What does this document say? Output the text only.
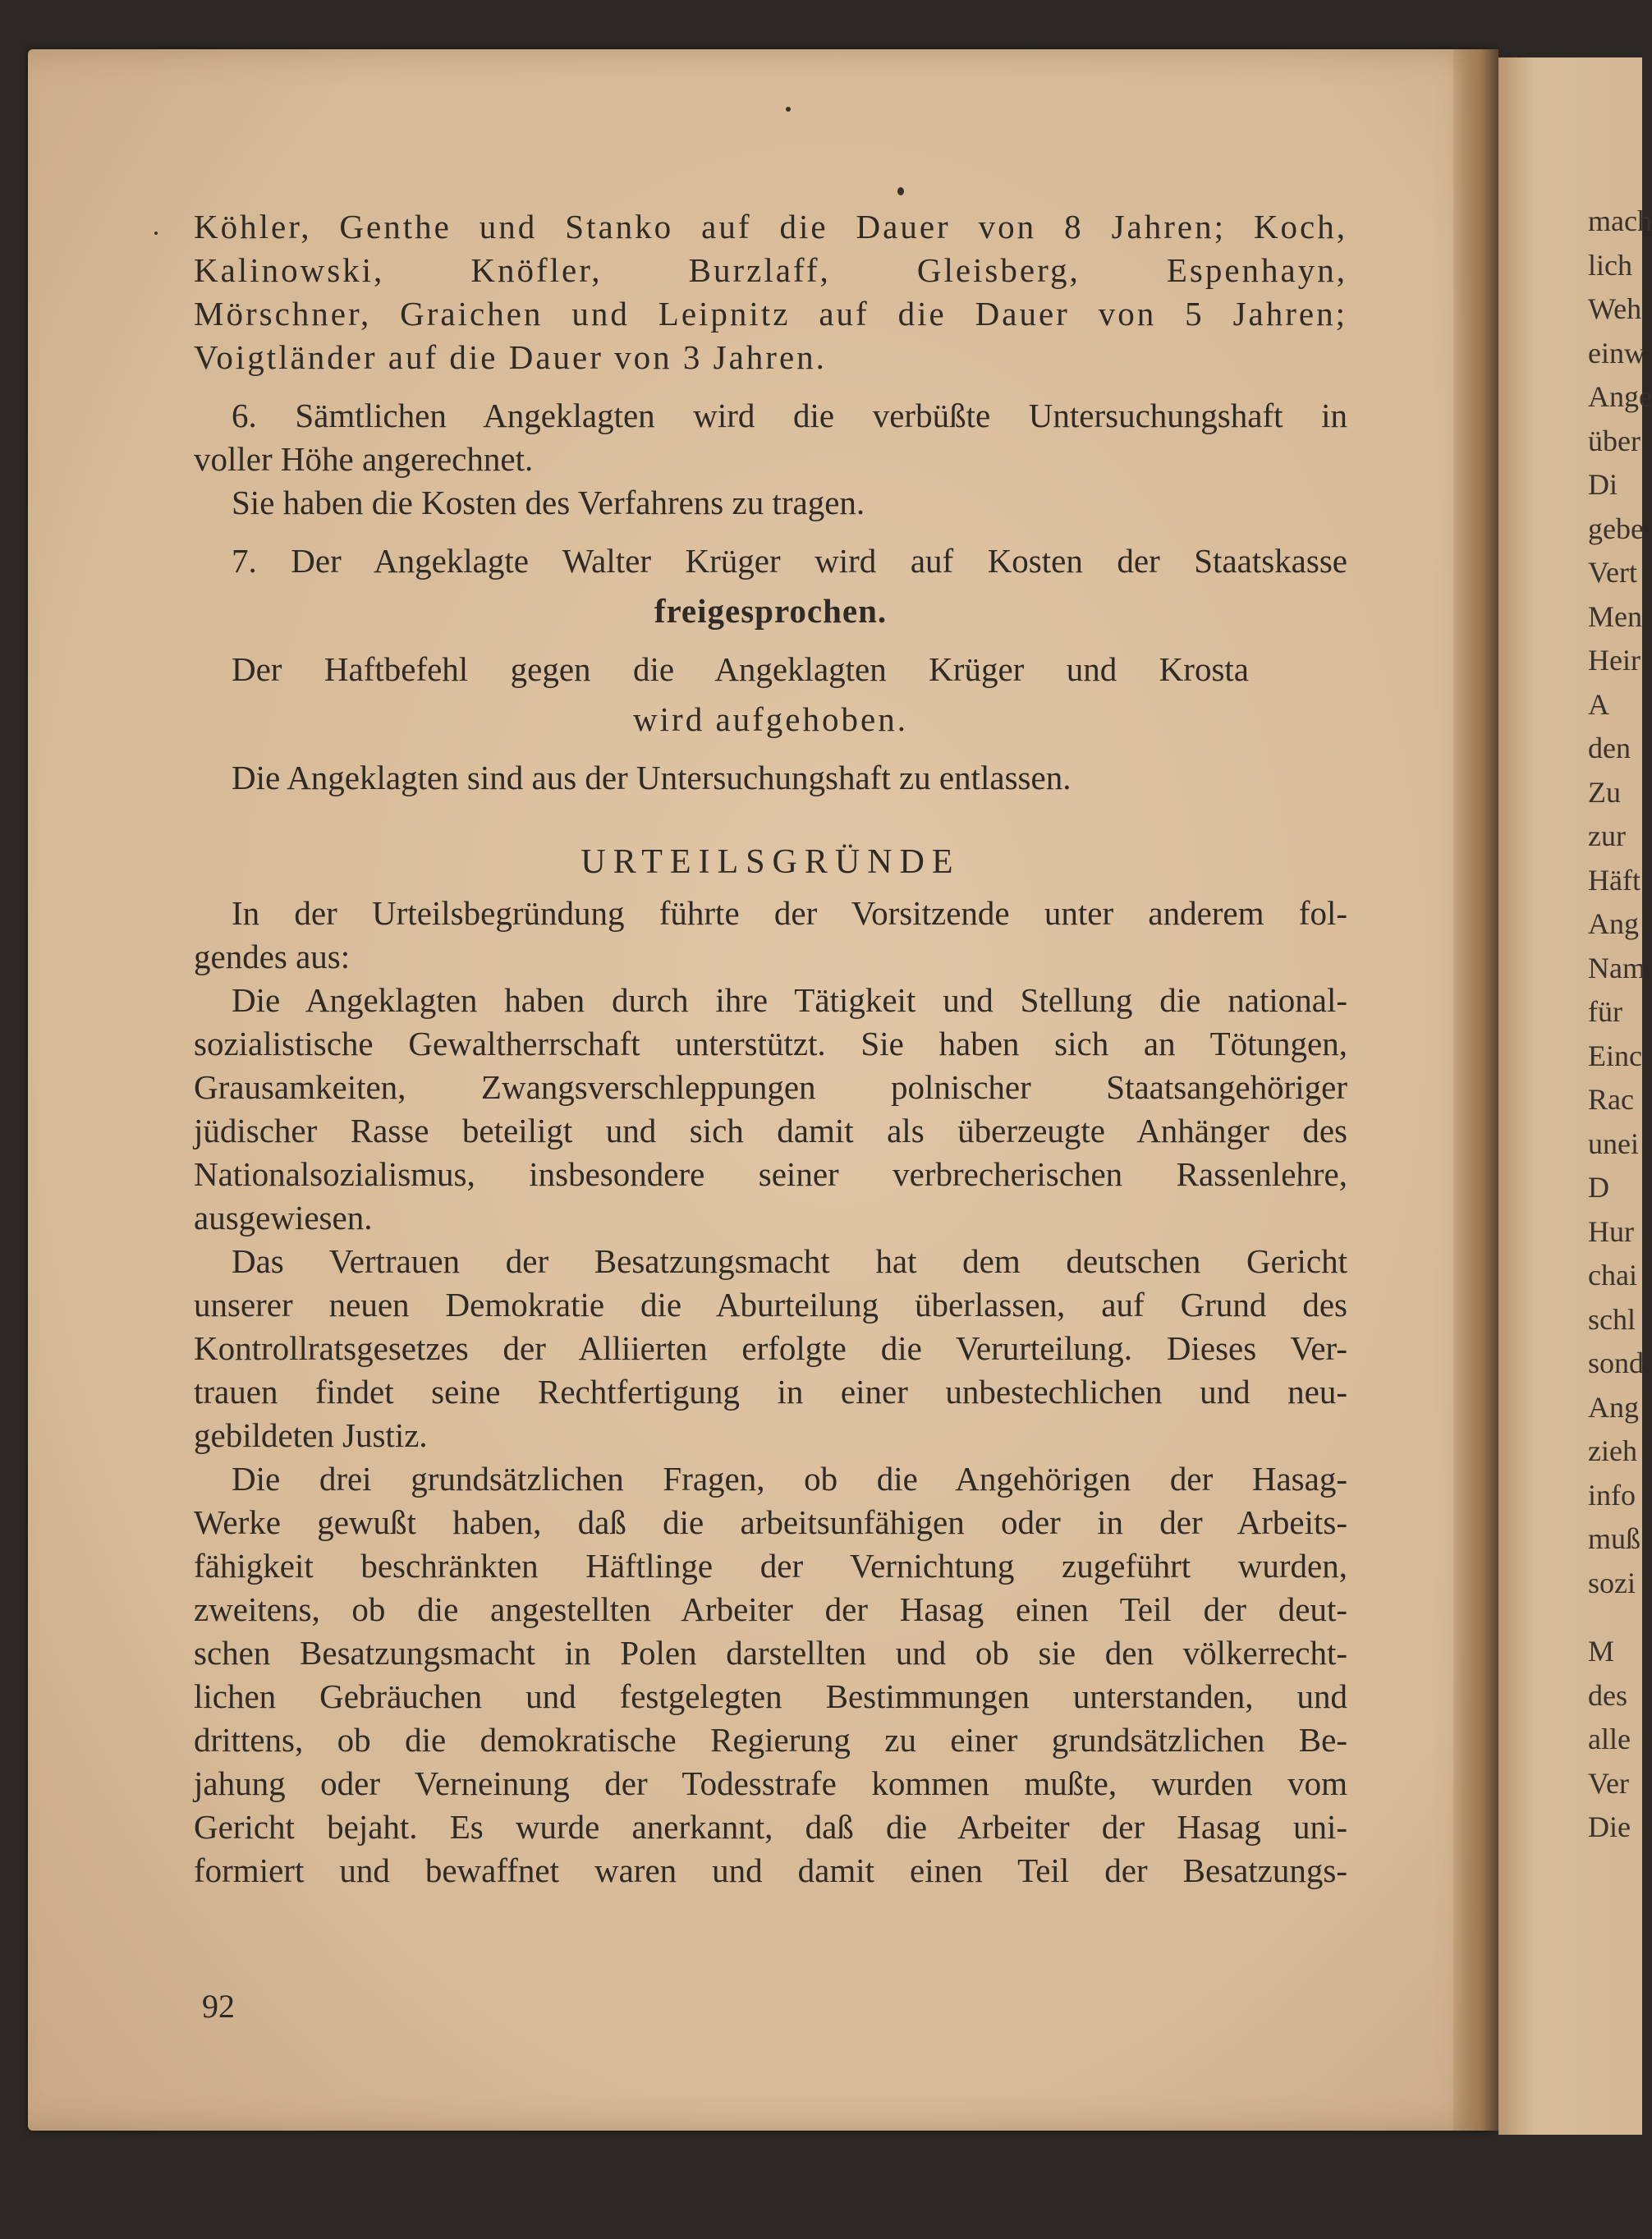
Köhler, Genthe und Stanko auf die Dauer von 8 Jahren; Koch,
Kalinowski, Knöfler, Burzlaff, Gleisberg, Espenhayn,
Mörschner, Graichen und Leipnitz auf die Dauer von 5 Jahren;
Voigtländer auf die Dauer von 3 Jahren.
6. Sämtlichen Angeklagten wird die verbüßte Untersuchungshaft in
voller Höhe angerechnet.
Sie haben die Kosten des Verfahrens zu tragen.
7. Der Angeklagte Walter Krüger wird auf Kosten der Staatskasse
freigesprochen.
Der Haftbefehl gegen die Angeklagten Krüger und Krosta
wird aufgehoben.
Die Angeklagten sind aus der Untersuchungshaft zu entlassen.
URTEILSGRÜNDE
In der Urteilsbegründung führte der Vorsitzende unter anderem fol-
gendes aus:
Die Angeklagten haben durch ihre Tätigkeit und Stellung die national-
sozialistische Gewaltherrschaft unterstützt. Sie haben sich an Tötungen,
Grausamkeiten, Zwangsverschleppungen polnischer Staatsangehöriger
jüdischer Rasse beteiligt und sich damit als überzeugte Anhänger des
Nationalsozialismus, insbesondere seiner verbrecherischen Rassenlehre,
ausgewiesen.
Das Vertrauen der Besatzungsmacht hat dem deutschen Gericht
unserer neuen Demokratie die Aburteilung überlassen, auf Grund des
Kontrollratsgesetzes der Alliierten erfolgte die Verurteilung. Dieses Ver-
trauen findet seine Rechtfertigung in einer unbestechlichen und neu-
gebildeten Justiz.
Die drei grundsätzlichen Fragen, ob die Angehörigen der Hasag-
Werke gewußt haben, daß die arbeitsunfähigen oder in der Arbeits-
fähigkeit beschränkten Häftlinge der Vernichtung zugeführt wurden,
zweitens, ob die angestellten Arbeiter der Hasag einen Teil der deut-
schen Besatzungsmacht in Polen darstellten und ob sie den völkerrecht-
lichen Gebräuchen und festgelegten Bestimmungen unterstanden, und
drittens, ob die demokratische Regierung zu einer grundsätzlichen Be-
jahung oder Verneinung der Todesstrafe kommen mußte, wurden vom
Gericht bejaht. Es wurde anerkannt, daß die Arbeiter der Hasag uni-
formiert und bewaffnet waren und damit einen Teil der Besatzungs-
92
mach
lich
Weh
einw
Ange
über
Di
gebe
Vert
Men
Heir
A
den
Zu
zur
Häft
Ang
Nam
für
Einc
Rac
unei
D
Hur
chai
schl
sond
Ang
zieh
info
muß
sozi
M
des
alle
Ver
Die
